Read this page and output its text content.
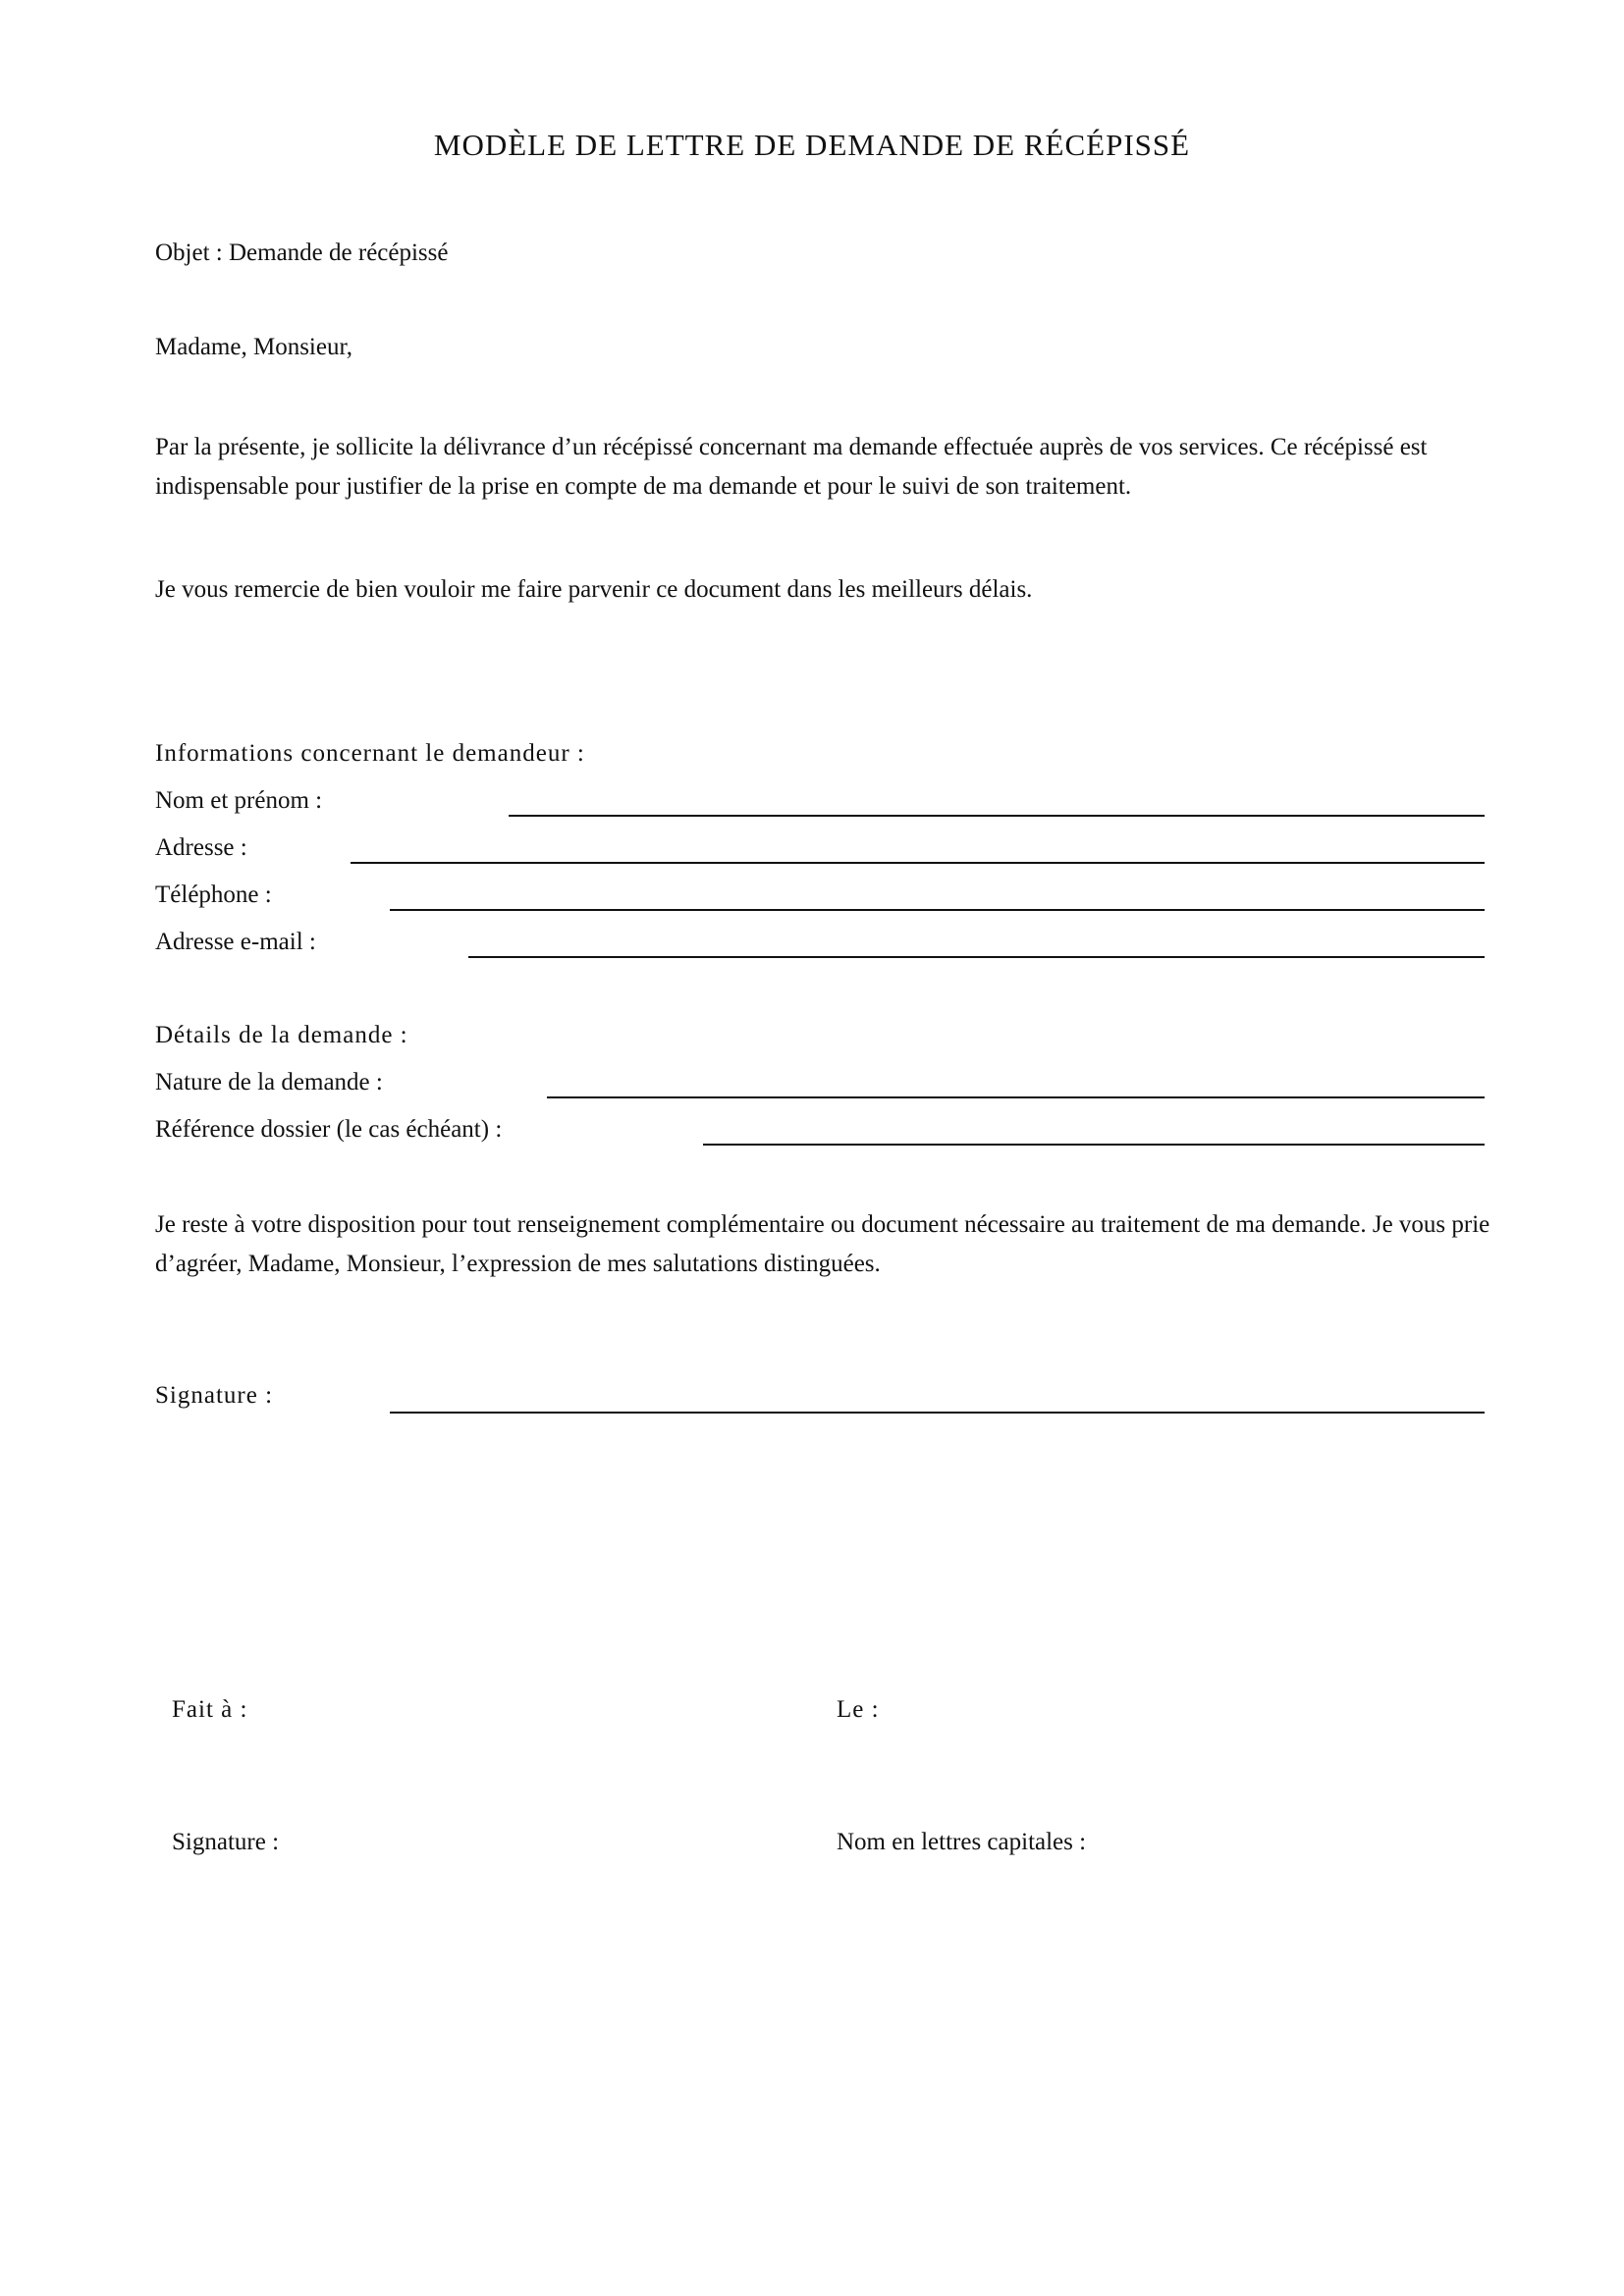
MODÈLE DE LETTRE DE DEMANDE DE RÉCÉPISSÉ
Objet : Demande de récépissé
Madame, Monsieur,
Par la présente, je sollicite la délivrance d’un récépissé concernant ma demande effectuée auprès de vos services. Ce récépissé est indispensable pour justifier de la prise en compte de ma demande et pour le suivi de son traitement.
Je vous remercie de bien vouloir me faire parvenir ce document dans les meilleurs délais.
Informations concernant le demandeur :
Nom et prénom :
Adresse :
Téléphone :
Adresse e-mail :
Détails de la demande :
Nature de la demande :
Référence dossier (le cas échéant) :
Je reste à votre disposition pour tout renseignement complémentaire ou document nécessaire au traitement de ma demande. Je vous prie d’agréer, Madame, Monsieur, l’expression de mes salutations distinguées.
Signature :
Fait à :	Le :
Signature :	Nom en lettres capitales :
